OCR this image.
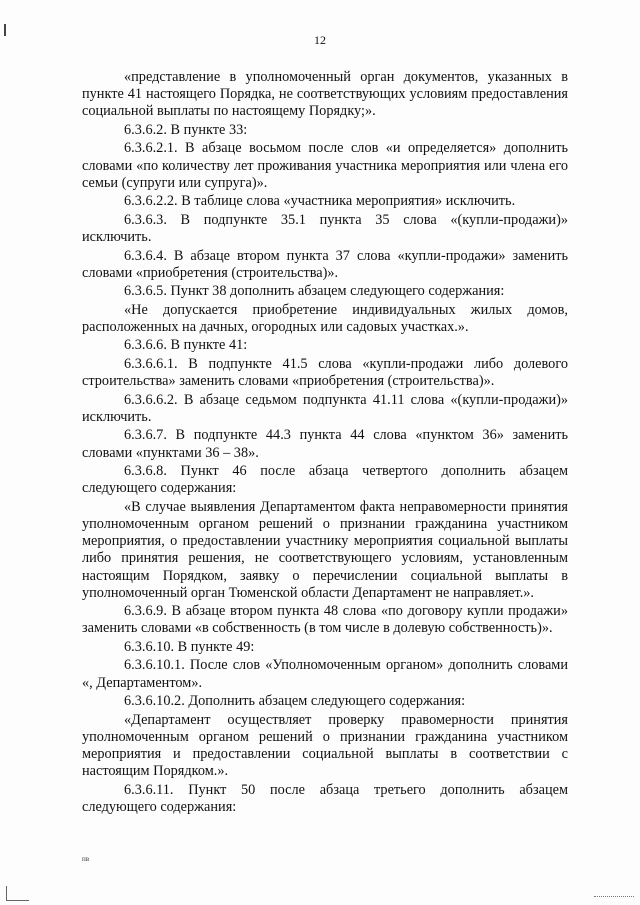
12

«представление в уполномоченный орган документов, указанных в пункте 41 настоящего Порядка, не соответствующих условиям предоставления социальной выплаты по настоящему Порядку;».

6.3.6.2. В пункте 33:

6.3.6.2.1. В абзаце восьмом после слов «и определяется» дополнить словами «по количеству лет проживания участника мероприятия или члена его семьи (супруги или супруга)».

6.3.6.2.2. В таблице слова «участника мероприятия» исключить.

6.3.6.3. В подпункте 35.1 пункта 35 слова «(купли-продажи)» исключить.

6.3.6.4. В абзаце втором пункта 37 слова «купли-продажи» заменить словами «приобретения (строительства)».

6.3.6.5. Пункт 38 дополнить абзацем следующего содержания:

«Не допускается приобретение индивидуальных жилых домов, расположенных на дачных, огородных или садовых участках.».

6.3.6.6. В пункте 41:

6.3.6.6.1. В подпункте 41.5 слова «купли-продажи либо долевого строительства» заменить словами «приобретения (строительства)».

6.3.6.6.2. В абзаце седьмом подпункта 41.11 слова «(купли-продажи)» исключить.

6.3.6.7. В подпункте 44.3 пункта 44 слова «пунктом 36» заменить словами «пунктами 36 – 38».

6.3.6.8. Пункт 46 после абзаца четвертого дополнить абзацем следующего содержания:

«В случае выявления Департаментом факта неправомерности принятия уполномоченным органом решений о признании гражданина участником мероприятия, о предоставлении участнику мероприятия социальной выплаты либо принятия решения, не соответствующего условиям, установленным настоящим Порядком, заявку о перечислении социальной выплаты в уполномоченный орган Тюменской области Департамент не направляет.».

6.3.6.9. В абзаце втором пункта 48 слова «по договору купли продажи» заменить словами «в собственность (в том числе в долевую собственность)».

6.3.6.10. В пункте 49:

6.3.6.10.1. После слов «Уполномоченным органом» дополнить словами «, Департаментом».

6.3.6.10.2. Дополнить абзацем следующего содержания:

«Департамент осуществляет проверку правомерности принятия уполномоченным органом решений о признании гражданина участником мероприятия и предоставлении социальной выплаты в соответствии с настоящим Порядком.».

6.3.6.11. Пункт 50 после абзаца третьего дополнить абзацем следующего содержания:

пв
